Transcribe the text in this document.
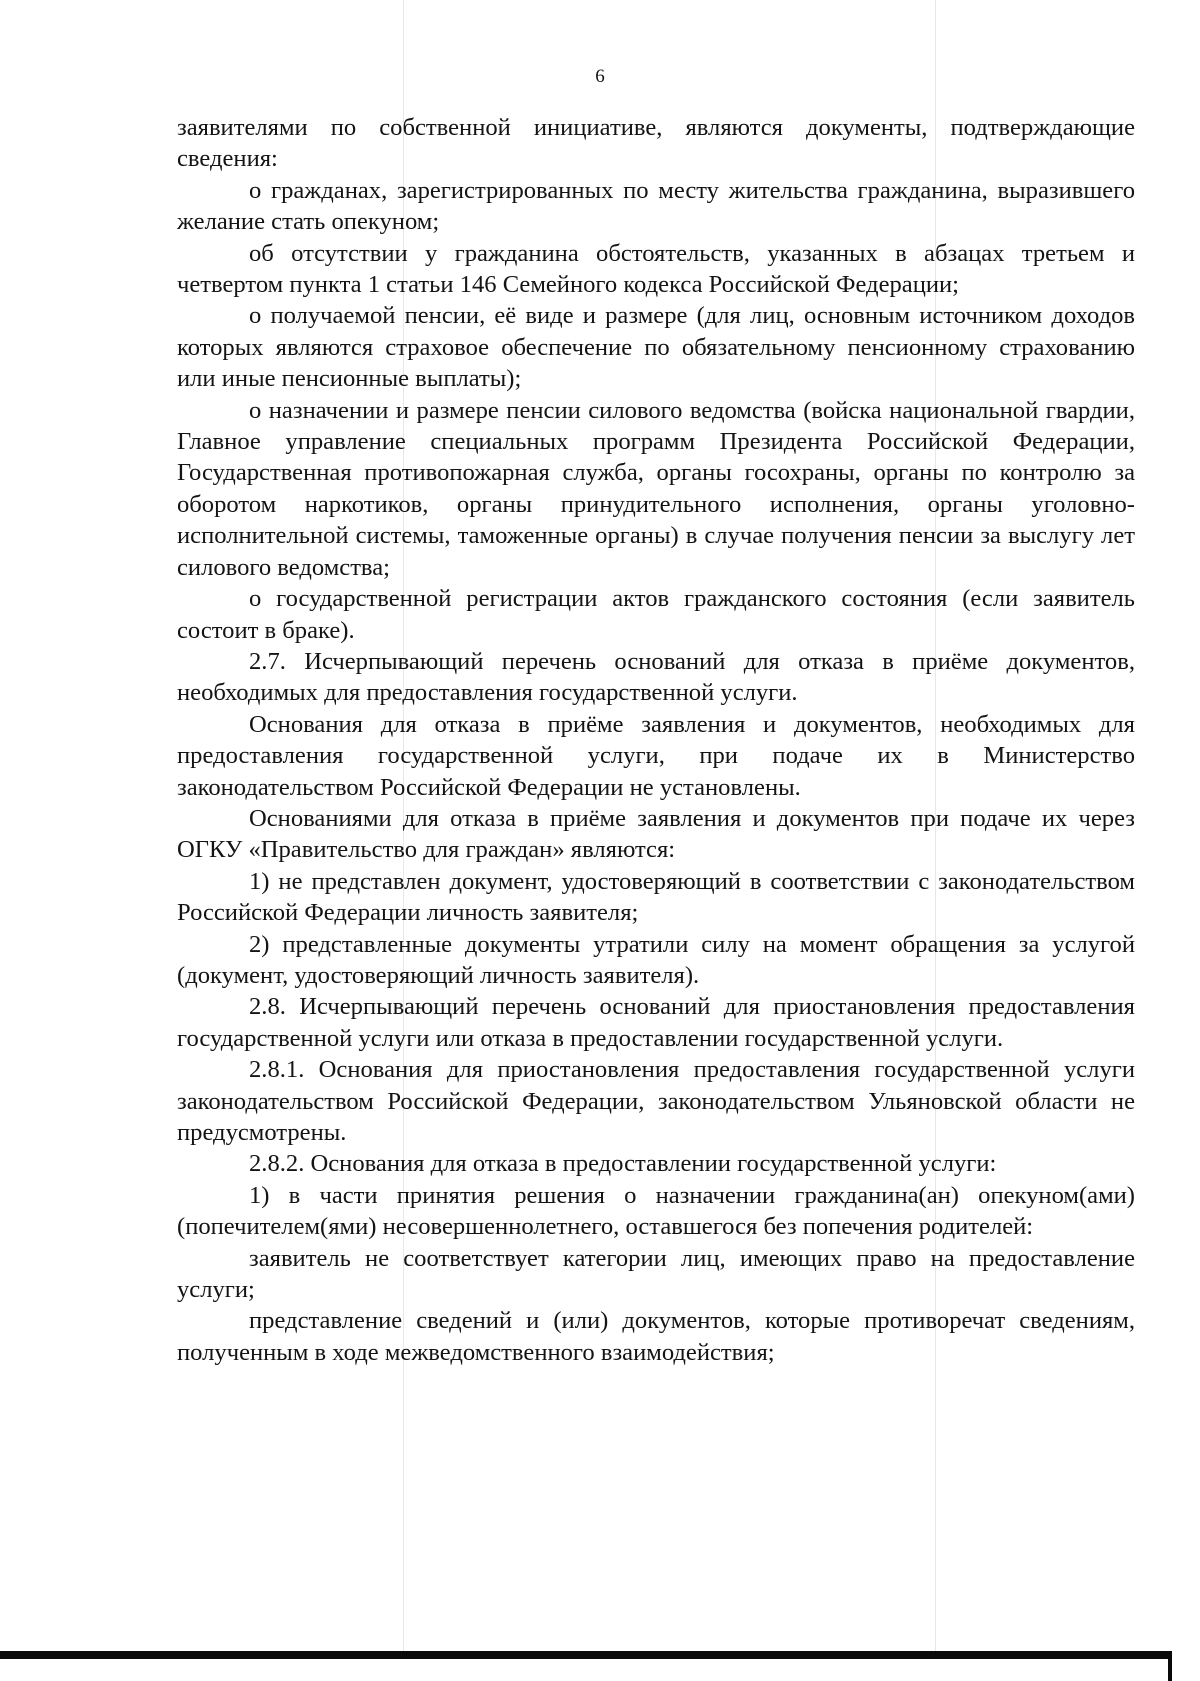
6

заявителями по собственной инициативе, являются документы, подтверждающие сведения:

о гражданах, зарегистрированных по месту жительства гражданина, выразившего желание стать опекуном;

об отсутствии у гражданина обстоятельств, указанных в абзацах третьем и четвертом пункта 1 статьи 146 Семейного кодекса Российской Федерации;

о получаемой пенсии, её виде и размере (для лиц, основным источником доходов которых являются страховое обеспечение по обязательному пенсионному страхованию или иные пенсионные выплаты);

о назначении и размере пенсии силового ведомства (войска национальной гвардии, Главное управление специальных программ Президента Российской Федерации, Государственная противопожарная служба, органы госохраны, органы по контролю за оборотом наркотиков, органы принудительного исполнения, органы уголовно-исполнительной системы, таможенные органы) в случае получения пенсии за выслугу лет силового ведомства;

о государственной регистрации актов гражданского состояния (если заявитель состоит в браке).

2.7. Исчерпывающий перечень оснований для отказа в приёме документов, необходимых для предоставления государственной услуги.

Основания для отказа в приёме заявления и документов, необходимых для предоставления государственной услуги, при подаче их в Министерство законодательством Российской Федерации не установлены.

Основаниями для отказа в приёме заявления и документов при подаче их через ОГКУ «Правительство для граждан» являются:

1) не представлен документ, удостоверяющий в соответствии с законодательством Российской Федерации личность заявителя;

2) представленные документы утратили силу на момент обращения за услугой (документ, удостоверяющий личность заявителя).

2.8. Исчерпывающий перечень оснований для приостановления предоставления государственной услуги или отказа в предоставлении государственной услуги.

2.8.1. Основания для приостановления предоставления государственной услуги законодательством Российской Федерации, законодательством Ульяновской области не предусмотрены.

2.8.2. Основания для отказа в предоставлении государственной услуги:

1) в части принятия решения о назначении гражданина(ан) опекуном(ами) (попечителем(ями) несовершеннолетнего, оставшегося без попечения родителей:

заявитель не соответствует категории лиц, имеющих право на предоставление услуги;

представление сведений и (или) документов, которые противоречат сведениям, полученным в ходе межведомственного взаимодействия;
